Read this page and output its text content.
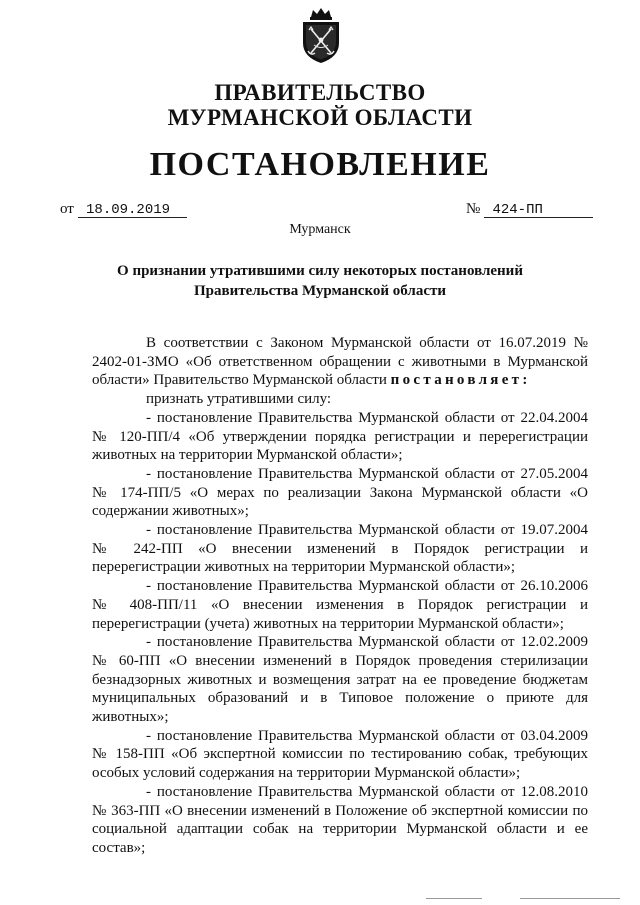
ПРАВИТЕЛЬСТВО
МУРМАНСКОЙ ОБЛАСТИ
ПОСТАНОВЛЕНИЕ
от 18.09.2019	№ 424-ПП
Мурманск
О признании утратившими силу некоторых постановлений
Правительства Мурманской области

В соответствии с Законом Мурманской области от 16.07.2019 № 2402-01-ЗМО «Об ответственном обращении с животными в Мурманской области» Правительство Мурманской области постановляет:

признать утратившими силу:

- постановление Правительства Мурманской области от 22.04.2004 № 120-ПП/4 «Об утверждении порядка регистрации и перерегистрации животных на территории Мурманской области»;

- постановление Правительства Мурманской области от 27.05.2004 № 174-ПП/5 «О мерах по реализации Закона Мурманской области «О содержании животных»;

- постановление Правительства Мурманской области от 19.07.2004 № 242-ПП «О внесении изменений в Порядок регистрации и перерегистрации животных на территории Мурманской области»;

- постановление Правительства Мурманской области от 26.10.2006 № 408-ПП/11 «О внесении изменения в Порядок регистрации и перерегистрации (учета) животных на территории Мурманской области»;

- постановление Правительства Мурманской области от 12.02.2009 № 60-ПП «О внесении изменений в Порядок проведения стерилизации безнадзорных животных и возмещения затрат на ее проведение бюджетам муниципальных образований и в Типовое положение о приюте для животных»;

- постановление Правительства Мурманской области от 03.04.2009 № 158-ПП «Об экспертной комиссии по тестированию собак, требующих особых условий содержания на территории Мурманской области»;

- постановление Правительства Мурманской области от 12.08.2010 № 363-ПП «О внесении изменений в Положение об экспертной комиссии по социальной адаптации собак на территории Мурманской области и ее состав»;
